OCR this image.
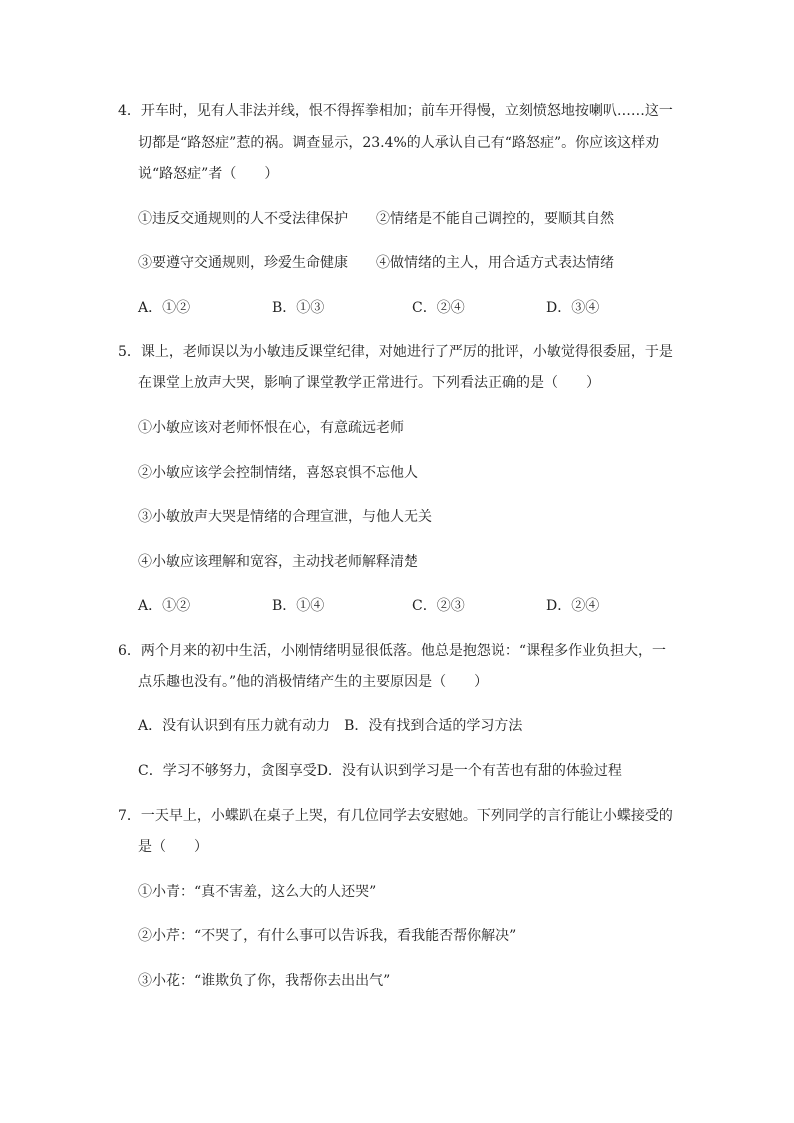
4．开车时，见有人非法并线，恨不得挥拳相加；前车开得慢，立刻愤怒地按喇叭……这一
切都是“路怒症”惹的祸。调查显示，23.4%的人承认自己有“路怒症”。你应该这样劝
说“路怒症”者（　　）
①违反交通规则的人不受法律保护　　②情绪是不能自己调控的，要顺其自然
③要遵守交通规则，珍爱生命健康　　④做情绪的主人，用合适方式表达情绪
A．①②	B．①③	C．②④	D．③④
5．课上，老师误以为小敏违反课堂纪律，对她进行了严厉的批评，小敏觉得很委屈，于是
在课堂上放声大哭，影响了课堂教学正常进行。下列看法正确的是（　　）
①小敏应该对老师怀恨在心，有意疏远老师
②小敏应该学会控制情绪，喜怒哀惧不忘他人
③小敏放声大哭是情绪的合理宣泄，与他人无关
④小敏应该理解和宽容，主动找老师解释清楚
A．①②	B．①④	C．②③	D．②④
6．两个月来的初中生活，小刚情绪明显很低落。他总是抱怨说：“课程多作业负担大，一
点乐趣也没有。”他的消极情绪产生的主要原因是（　　）
A．没有认识到有压力就有动力　B．没有找到合适的学习方法
C．学习不够努力，贪图享受D．没有认识到学习是一个有苦也有甜的体验过程
7．一天早上，小蝶趴在桌子上哭，有几位同学去安慰她。下列同学的言行能让小蝶接受的
是（　　）
①小青：“真不害羞，这么大的人还哭”
②小芹：“不哭了，有什么事可以告诉我，看我能否帮你解决”
③小花：“谁欺负了你，我帮你去出出气”
